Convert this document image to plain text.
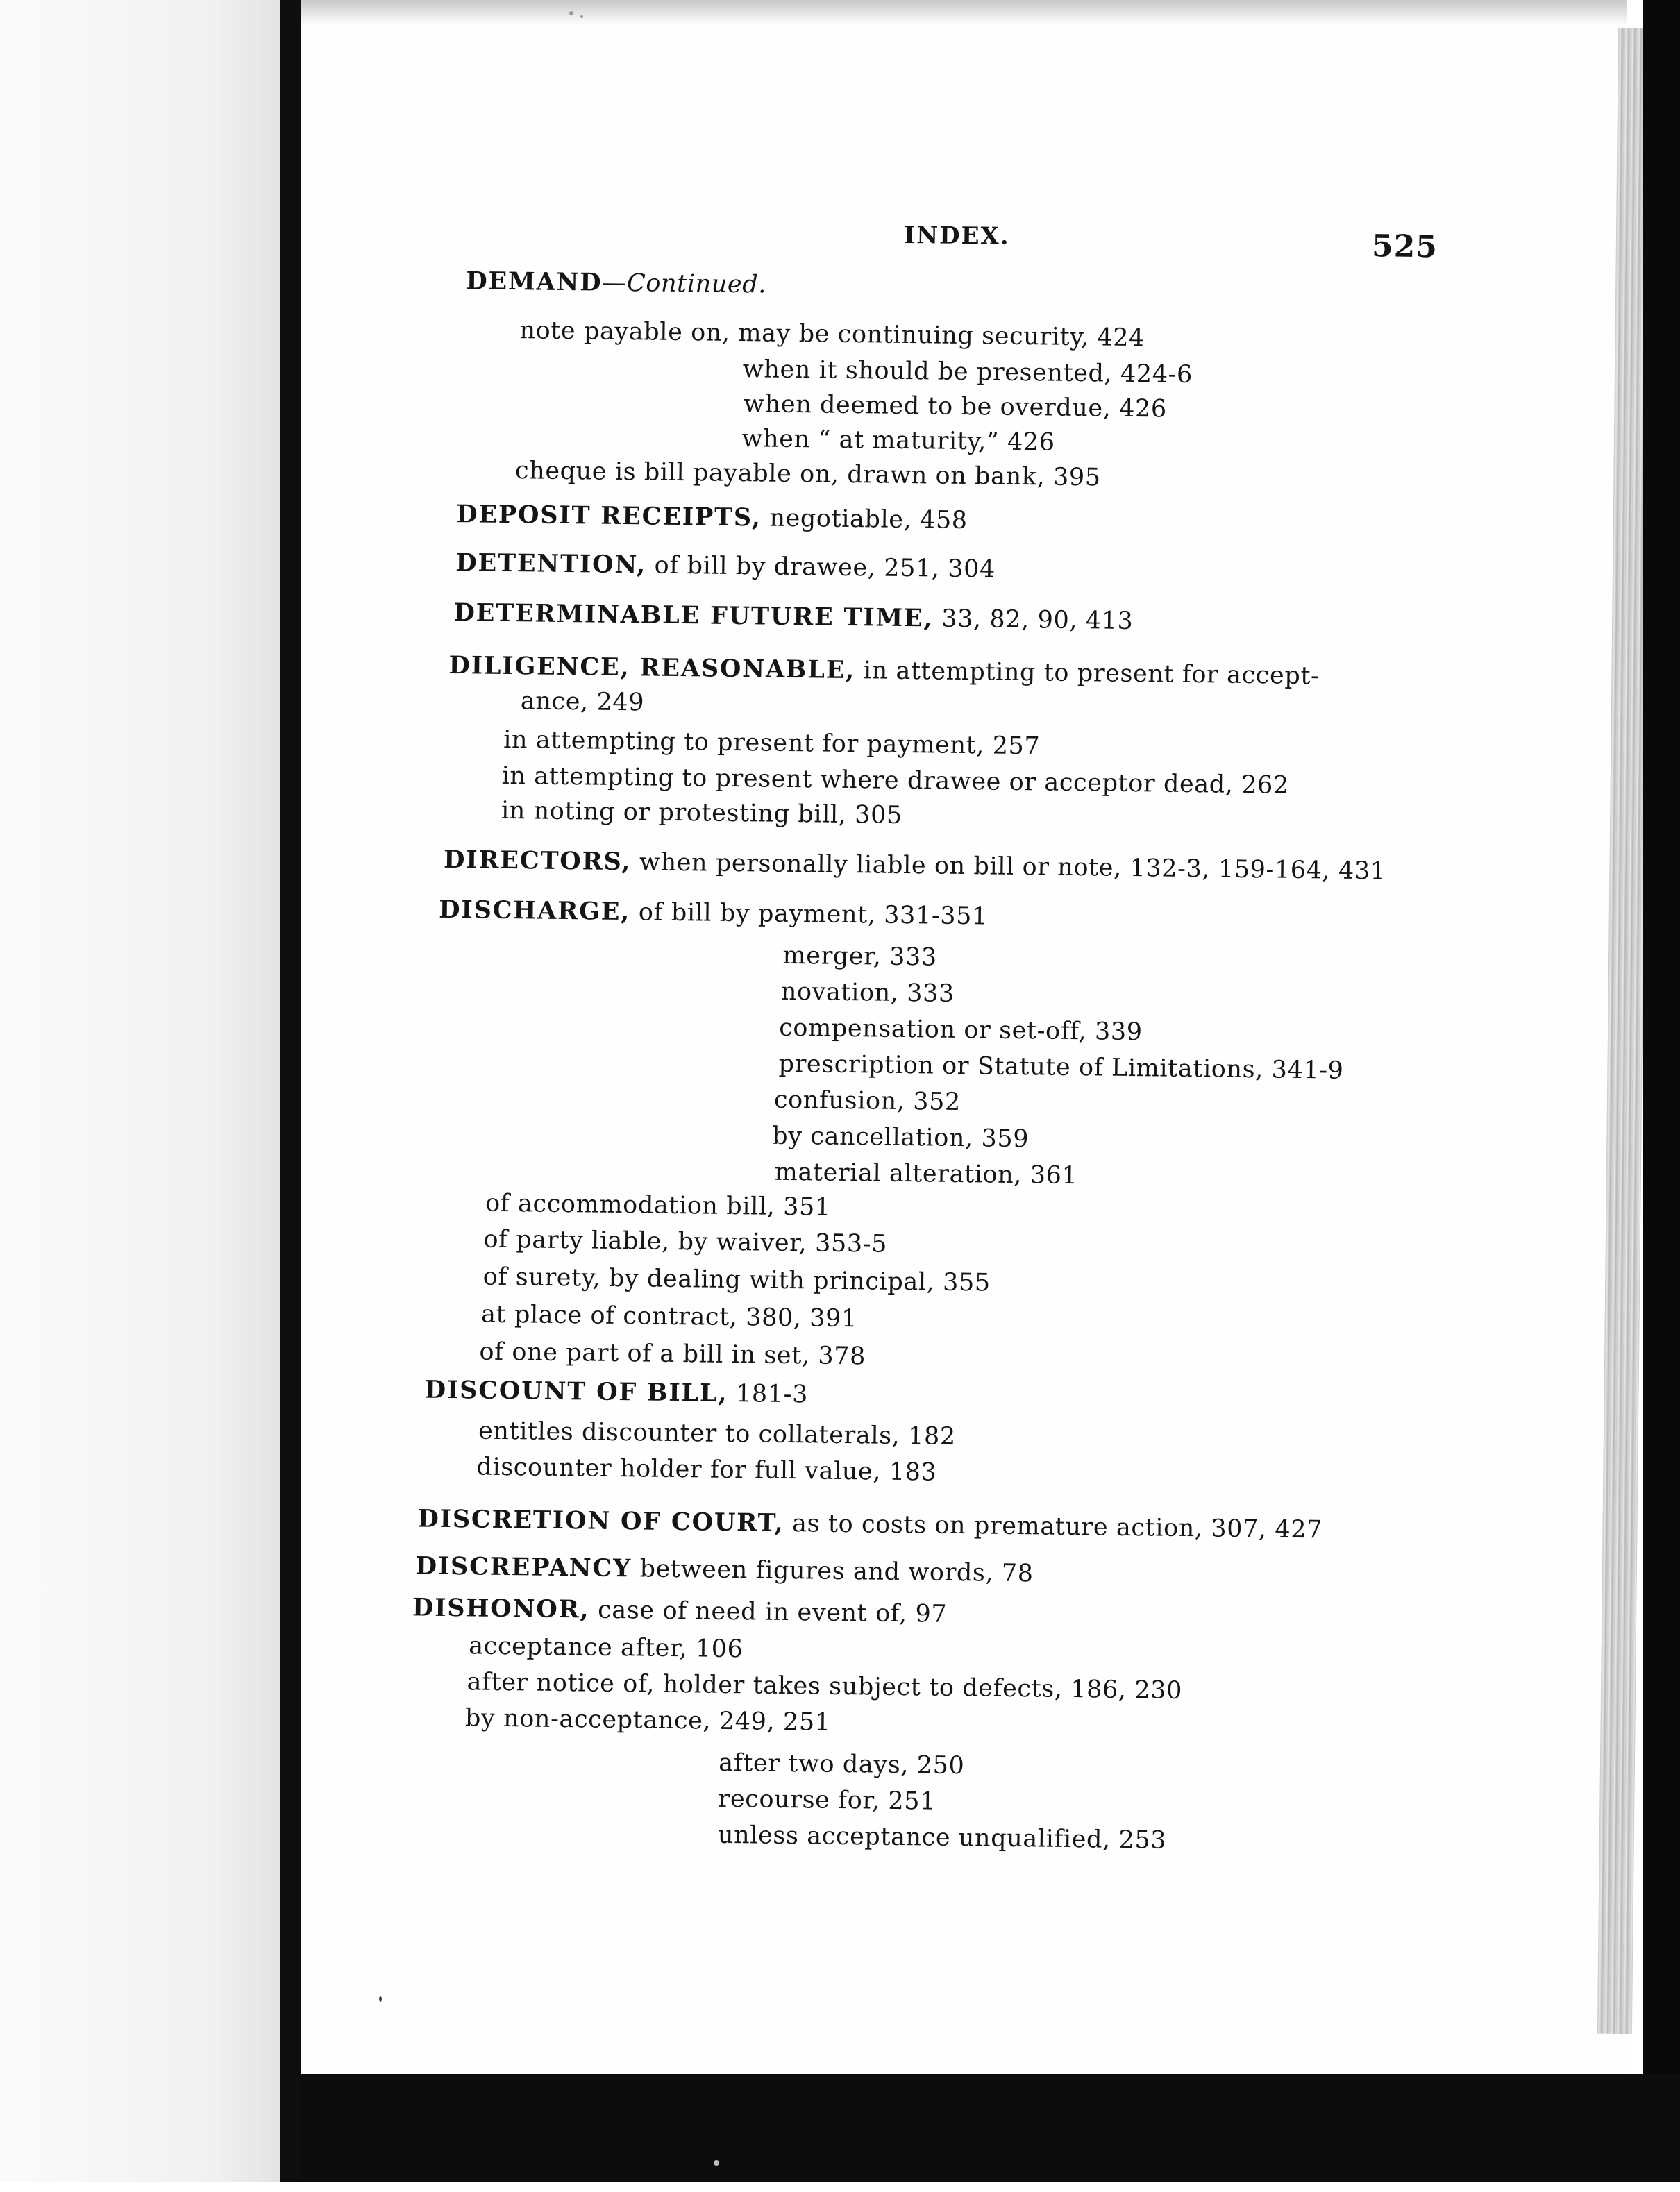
INDEX.	525
DEMAND—Continued.
note payable on, may be continuing security, 424
when it should be presented, 424-6
when deemed to be overdue, 426
when “ at maturity,” 426
cheque is bill payable on, drawn on bank, 395
DEPOSIT RECEIPTS, negotiable, 458
DETENTION, of bill by drawee, 251, 304
DETERMINABLE FUTURE TIME, 33, 82, 90, 413
DILIGENCE, REASONABLE, in attempting to present for accept-
ance, 249
in attempting to present for payment, 257
in attempting to present where drawee or acceptor dead, 262
in noting or protesting bill, 305
DIRECTORS, when personally liable on bill or note, 132-3, 159-164, 431
DISCHARGE, of bill by payment, 331-351
merger, 333
novation, 333
compensation or set-off, 339
prescription or Statute of Limitations, 341-9
confusion, 352
by cancellation, 359
material alteration, 361
of accommodation bill, 351
of party liable, by waiver, 353-5
of surety, by dealing with principal, 355
at place of contract, 380, 391
of one part of a bill in set, 378
DISCOUNT OF BILL, 181-3
entitles discounter to collaterals, 182
discounter holder for full value, 183
DISCRETION OF COURT, as to costs on premature action, 307, 427
DISCREPANCY between figures and words, 78
DISHONOR, case of need in event of, 97
acceptance after, 106
after notice of, holder takes subject to defects, 186, 230
by non-acceptance, 249, 251
after two days, 250
recourse for, 251
unless acceptance unqualified, 253
